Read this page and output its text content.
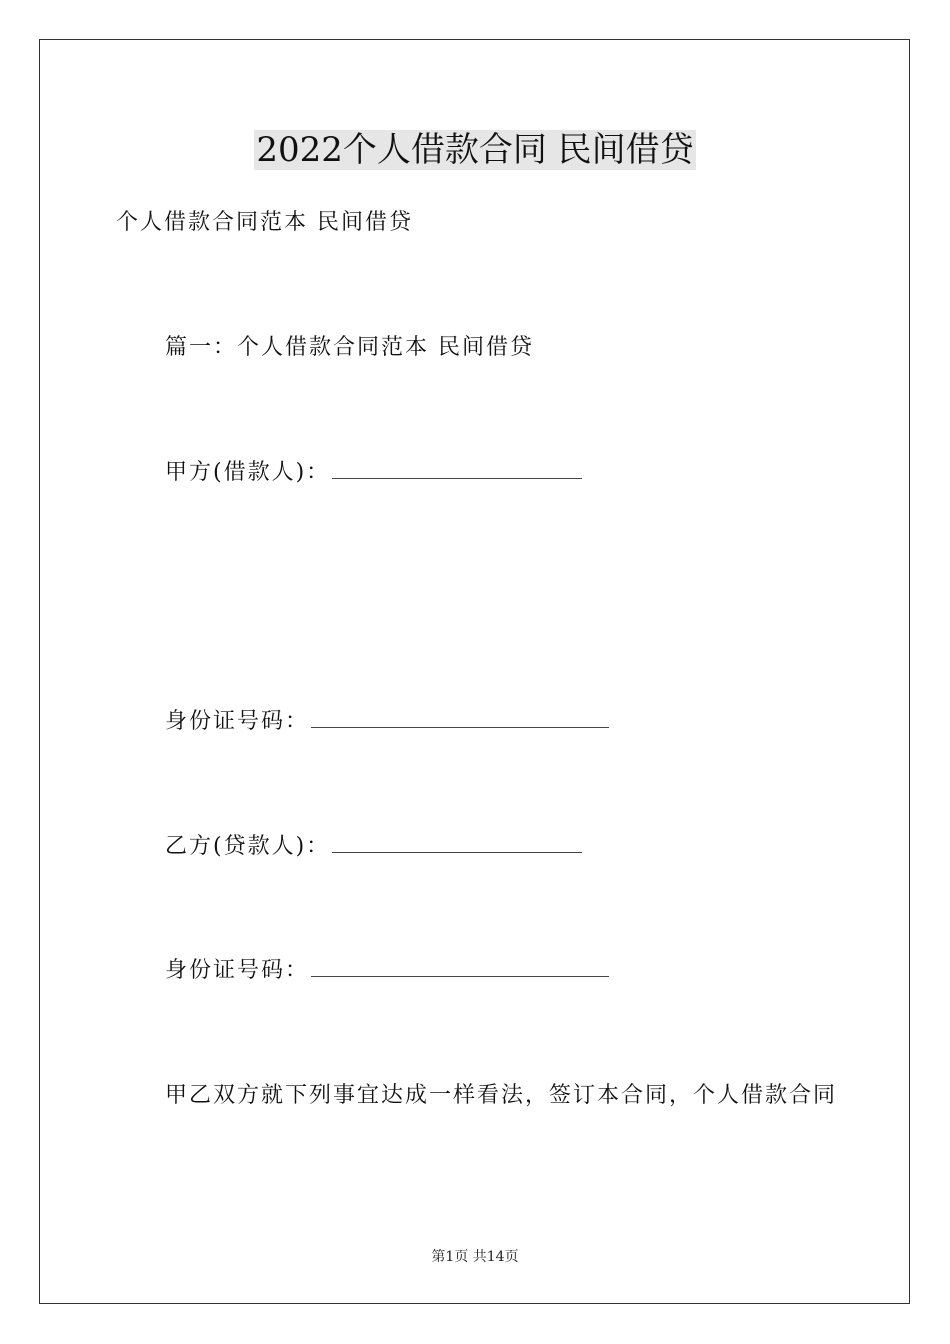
2022个人借款合同 民间借贷
个人借款合同范本 民间借贷
篇一：个人借款合同范本 民间借贷
甲方(借款人)：
身份证号码：
乙方(贷款人)：
身份证号码：
甲乙双方就下列事宜达成一样看法，签订本合同，个人借款合同
第1页 共14页
